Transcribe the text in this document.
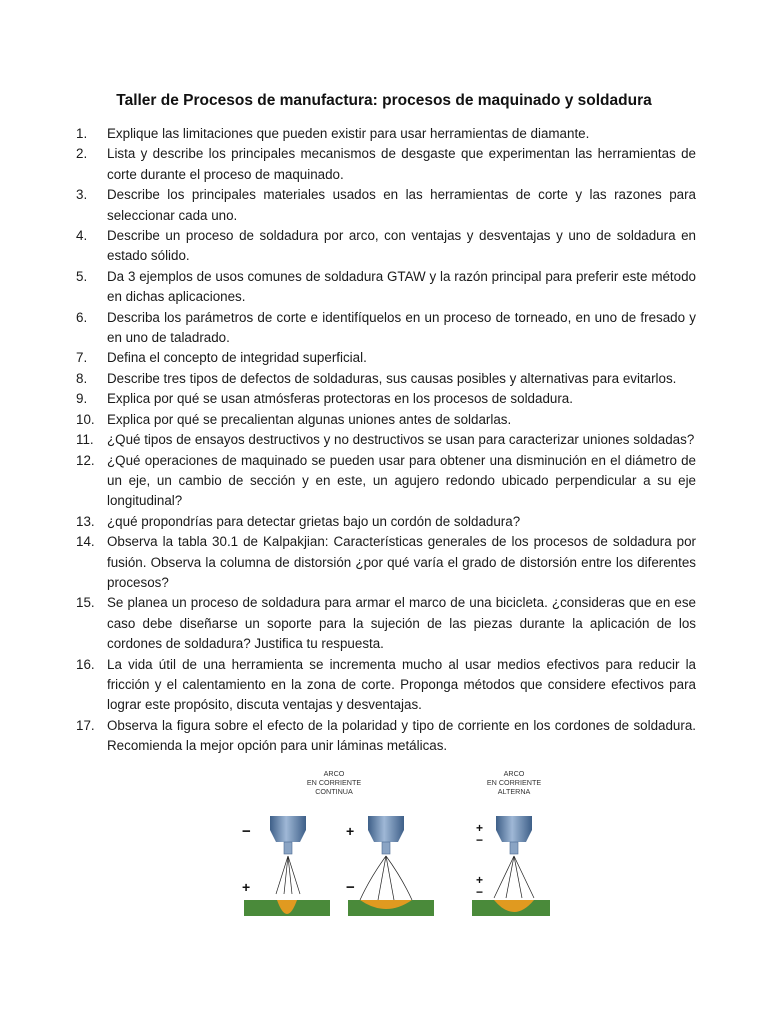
Taller de Procesos de manufactura: procesos de maquinado y soldadura
1.	Explique las limitaciones que pueden existir para usar herramientas de diamante.
2.	Lista y describe los principales mecanismos de desgaste que experimentan las herramientas de corte durante el proceso de maquinado.
3.	Describe los principales materiales usados en las herramientas de corte y las razones para seleccionar cada uno.
4.	Describe un proceso de soldadura por arco, con ventajas y desventajas y uno de soldadura en estado sólido.
5.	Da 3 ejemplos de usos comunes de soldadura GTAW y la razón principal para preferir este método en dichas aplicaciones.
6.	Describa los parámetros de corte e identifíquelos en un proceso de torneado, en uno de fresado y en uno de taladrado.
7.	Defina el concepto de integridad superficial.
8.	Describe tres tipos de defectos de soldaduras, sus causas posibles y alternativas para evitarlos.
9.	Explica por qué se usan atmósferas protectoras en los procesos de soldadura.
10. Explica por qué se precalientan algunas uniones antes de soldarlas.
11. ¿Qué tipos de ensayos destructivos y no destructivos se usan para caracterizar uniones soldadas?
12. ¿Qué operaciones de maquinado se pueden usar para obtener una disminución en el diámetro de un eje, un cambio de sección y en este, un agujero redondo ubicado perpendicular a su eje longitudinal?
13. ¿qué propondrías para detectar grietas bajo un cordón de soldadura?
14. Observa la tabla 30.1 de Kalpakjian: Características generales de los procesos de soldadura por fusión. Observa la columna de distorsión ¿por qué varía el grado de distorsión entre los diferentes procesos?
15. Se planea un proceso de soldadura para armar el marco de una bicicleta. ¿consideras que en ese caso debe diseñarse un soporte para la sujeción de las piezas durante la aplicación de los cordones de soldadura? Justifica tu respuesta.
16. La vida útil de una herramienta se incrementa mucho al usar medios efectivos para reducir la fricción y el calentamiento en la zona de corte. Proponga métodos que considere efectivos para lograr este propósito, discuta ventajas y desventajas.
17. Observa la figura sobre el efecto de la polaridad y tipo de corriente en los cordones de soldadura. Recomienda la mejor opción para unir láminas metálicas.
ARCO
EN CORRIENTE
CONTINUA
ARCO
EN CORRIENTE
ALTERNA
−
+
+
−
+
−
+
−
